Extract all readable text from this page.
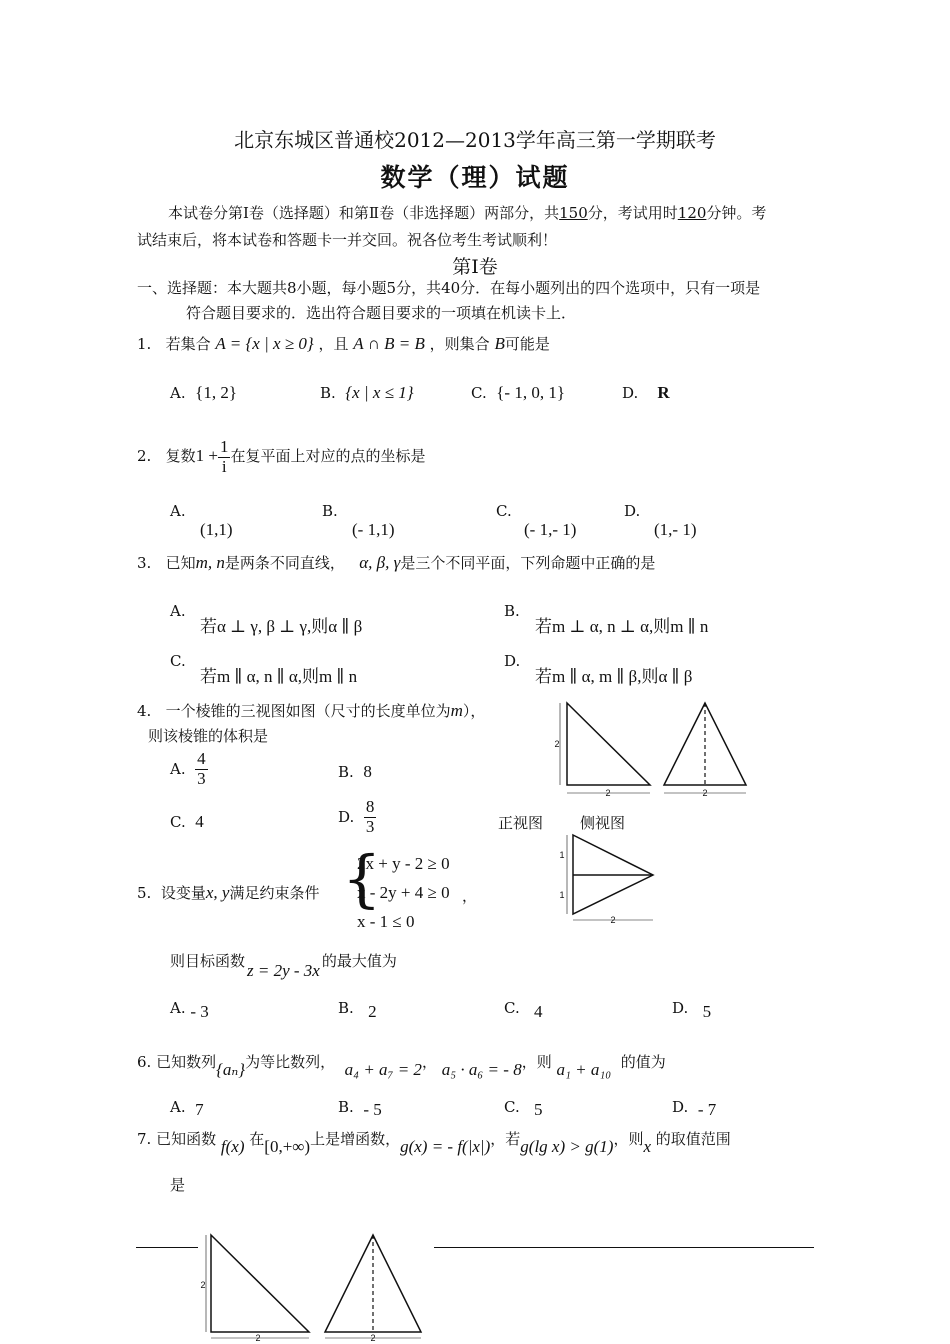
北京东城区普通校2012—2013学年高三第一学期联考
数学（理）试题
本试卷分第Ⅰ卷（选择题）和第Ⅱ卷（非选择题）两部分，共150分，考试用时120分钟。考
试结束后，将本试卷和答题卡一并交回。祝各位考生考试顺利！
第Ⅰ卷
一、选择题：本大题共8小题，每小题5分，共40分．在每小题列出的四个选项中，只有一项是
符合题目要求的．选出符合题目要求的一项填在机读卡上．
1. 若集合 A = {x | x ≥ 0} ，且 A ∩ B = B ，则集合 B可能是
A. {1, 2}	B. {x | x ≤ 1}	C. {- 1, 0, 1}	D. R
2. 复数$1 + \frac{1}{i}$ 在复平面上对应的点的坐标是
A.
(1,1)
B.
(- 1,1)
C.
(- 1,- 1)
D.
(1,- 1)
3. 已知m, n是两条不同直线， α, β, γ是三个不同平面，下列命题中正确的是
A.
若α ⊥ γ, β ⊥ γ,则α ∥ β
B.
若m ⊥ α, n ⊥ α,则m ∥ n
C.
若m ∥ α, n ∥ α,则m ∥ n
D.
若m ∥ α, m ∥ β,则α ∥ β
4. 一个棱锥的三视图如图（尺寸的长度单位为m），
则该棱锥的体积是
A. $\frac{4}{3}$	B. 8
C. 4	D. $\frac{8}{3}$
2
2	2
1
1
2
正视图 侧视图
5. 设变量x, y满足约束条件 {
2x + y - 2 ≥ 0
x - 2y + 4 ≥ 0
x - 1 ≤ 0
，
则目标函数 z = 2y - 3x 的最大值为
A. - 3	B. 2	C. 4	D. 5
6. 已知数列{aₙ}为等比数列， a₄ + a₇ = 2， a₅ · a₆ = - 8，则 a₁ + a₁₀ 的值为
A. 7	B. - 5	C. 5	D. - 7
7. 已知函数 f(x) 在[0,+∞)上是增函数，g(x) = - f(|x|)，若g(lg x) > g(1)，则x 的取值范围
是
2
2	2
